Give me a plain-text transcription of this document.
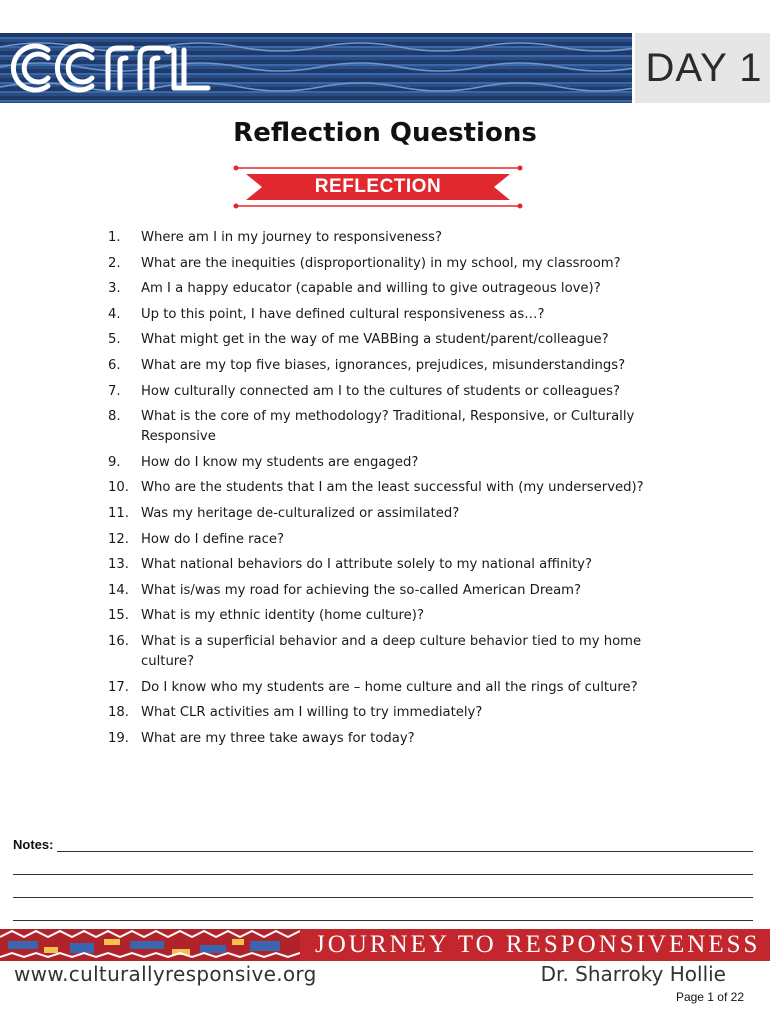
DAY 1
Reflection Questions
REFLECTION
1.	Where am I in my journey to responsiveness?
2.	What are the inequities (disproportionality) in my school, my classroom?
3.	Am I a happy educator (capable and willing to give outrageous love)?
4.	Up to this point, I have defined cultural responsiveness as…?
5.	What might get in the way of me VABBing a student/parent/colleague?
6.	What are my top five biases, ignorances, prejudices, misunderstandings?
7.	How culturally connected am I to the cultures of students or colleagues?
8.	What is the core of my methodology? Traditional, Responsive, or Culturally Responsive
9.	How do I know my students are engaged?
10. Who are the students that I am the least successful with (my underserved)?
11. Was my heritage de-culturalized or assimilated?
12. How do I define race?
13. What national behaviors do I attribute solely to my national affinity?
14. What is/was my road for achieving the so-called American Dream?
15. What is my ethnic identity (home culture)?
16. What is a superficial behavior and a deep culture behavior tied to my home culture?
17. Do I know who my students are – home culture and all the rings of culture?
18. What CLR activities am I willing to try immediately?
19. What are my three take aways for today?
Notes:
JOURNEY TO RESPONSIVENESS
www.culturallyresponsive.org	Dr. Sharroky Hollie
Page 1 of 22
